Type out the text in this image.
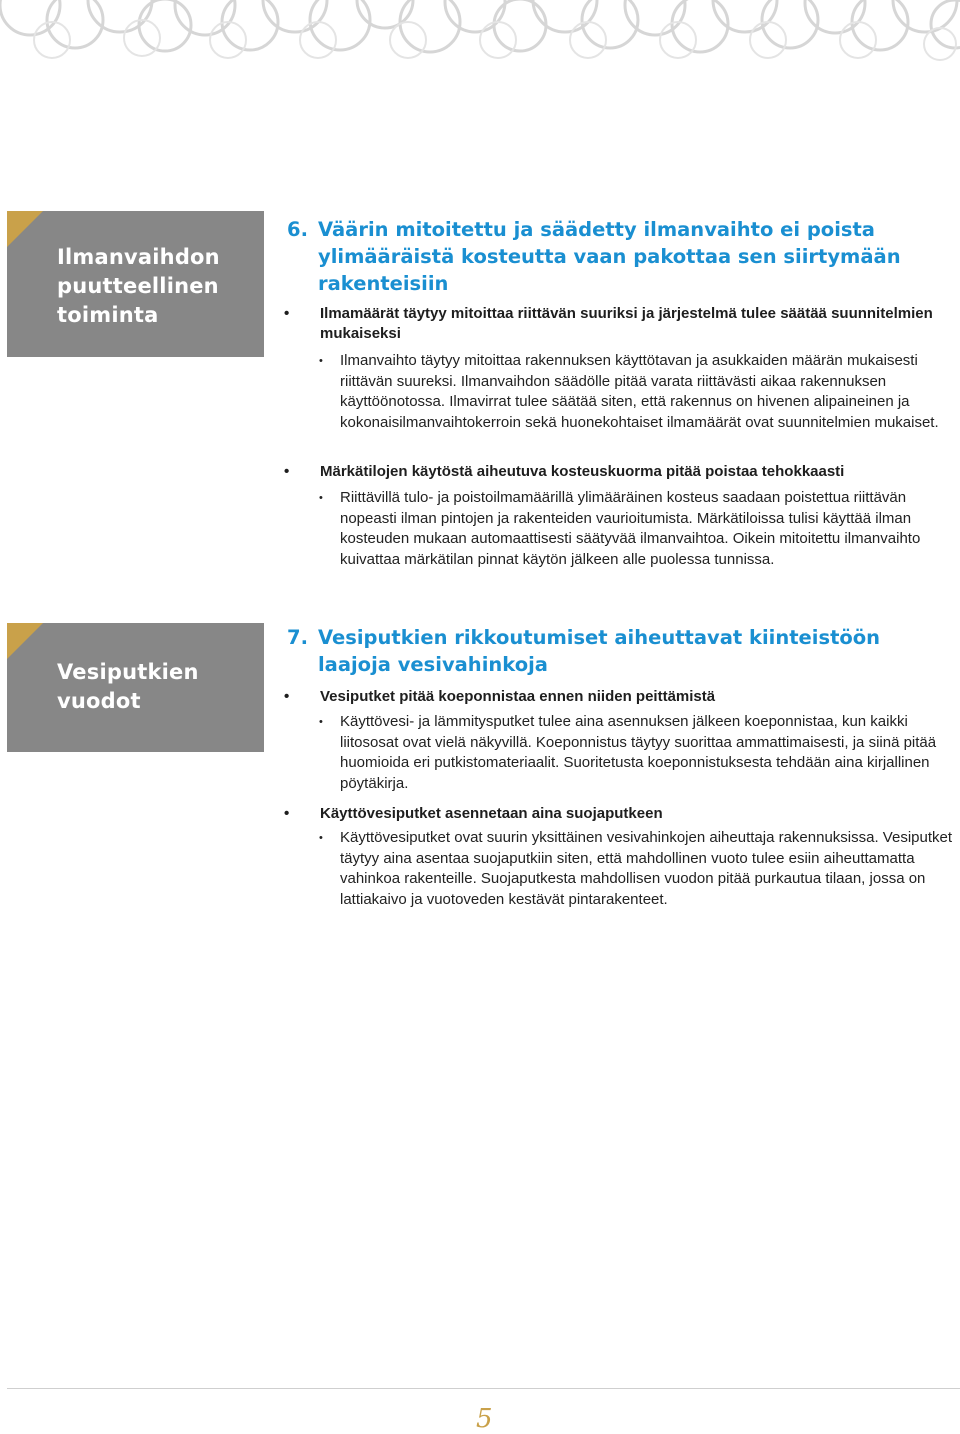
Ilmanvaihdon
puutteellinen
toiminta
6. Väärin mitoitettu ja säädetty ilmanvaihto ei poista ylimääräistä kosteutta vaan pakottaa sen siirtymään rakenteisiin
• Ilmamäärät täytyy mitoittaa riittävän suuriksi ja järjestelmä tulee säätää suunnitelmien mukaiseksi
• Ilmanvaihto täytyy mitoittaa rakennuksen käyttötavan ja asukkaiden määrän mukaisesti riittävän suureksi. Ilmanvaihdon säädölle pitää varata riittävästi aikaa rakennuksen käyttöönotossa. Ilmavirrat tulee säätää siten, että rakennus on hivenen alipaineinen ja kokonaisilmanvaihtokerroin sekä huonekohtaiset ilmamäärät ovat suunnitelmien mukaiset.
• Märkätilojen käytöstä aiheutuva kosteuskuorma pitää poistaa tehokkaasti
• Riittävillä tulo- ja poistoilmamäärillä ylimääräinen kosteus saadaan poistettua riittävän nopeasti ilman pintojen ja rakenteiden vaurioitumista. Märkätiloissa tulisi käyttää ilman kosteuden mukaan automaattisesti säätyvää ilmanvaihtoa. Oikein mitoitettu ilmanvaihto kuivattaa märkätilan pinnat käytön jälkeen alle puolessa tunnissa.
Vesiputkien
vuodot
7. Vesiputkien rikkoutumiset aiheuttavat kiinteistöön laajoja vesivahinkoja
• Vesiputket pitää koeponnistaa ennen niiden peittämistä
• Käyttövesi- ja lämmitysputket tulee aina asennuksen jälkeen koeponnistaa, kun kaikki liitososat ovat vielä näkyvillä. Koeponnistus täytyy suorittaa ammattimaisesti, ja siinä pitää huomioida eri putkistomateriaalit. Suoritetusta koeponnistuksesta tehdään aina kirjallinen pöytäkirja.
• Käyttövesiputket asennetaan aina suojaputkeen
• Käyttövesiputket ovat suurin yksittäinen vesivahinkojen aiheuttaja rakennuksissa. Vesiputket täytyy aina asentaa suojaputkiin siten, että mahdollinen vuoto tulee esiin aiheuttamatta vahinkoa rakenteille. Suojaputkesta mahdollisen vuodon pitää purkautua tilaan, jossa on lattiakaivo ja vuotoveden kestävät pintarakenteet.
5
